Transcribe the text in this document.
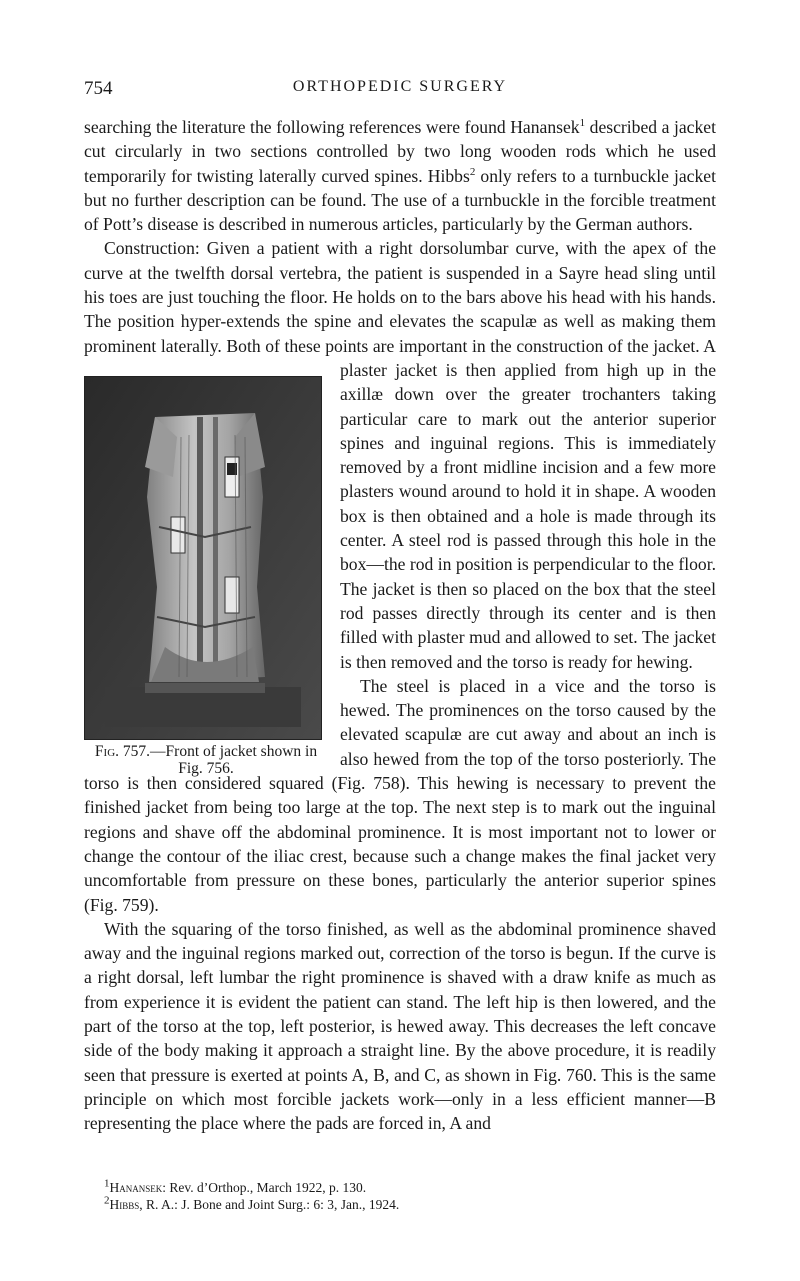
754	ORTHOPEDIC SURGERY

searching the literature the following references were found Hanansek$^1$ described a jacket cut circularly in two sections controlled by two long wooden rods which he used temporarily for twisting laterally curved spines. Hibbs$^2$ only refers to a turnbuckle jacket but no further description can be found. The use of a turnbuckle in the forcible treatment of Pott’s disease is described in numerous articles, particularly by the German authors.

Construction: Given a patient with a right dorsolumbar curve, with the apex of the curve at the twelfth dorsal vertebra, the patient is suspended in a Sayre head sling until his toes are just touching the floor. He holds on to the bars above his head with his hands. The position hyper-extends the spine and elevates the scapulæ as well as making them prominent laterally. Both of these points are important in the construction of the jacket. A plaster jacket is then applied from high up in the axillæ down over the greater trochanters taking particular care to mark out the anterior superior spines and inguinal regions. This is immediately removed by a front midline incision and a few more plasters wound around to hold it in shape. A wooden box is then obtained and a hole is made through its center. A steel rod is passed through this hole in the box—the rod in position is perpendicular to the floor. The jacket is then so placed on the box that the steel rod passes directly through its center and is then filled with plaster mud and allowed to set. The jacket is then removed and the torso is ready for hewing.

The steel is placed in a vice and the torso is hewed. The prominences on the torso caused by the elevated scapulæ are cut away and about an inch is also hewed from the top of the torso posteriorly. The torso is then considered squared (Fig. 758). This hewing is necessary to prevent the finished jacket from being too large at the top. The next step is to mark out the inguinal regions and shave off the abdominal prominence. It is most important not to lower or change the contour of the iliac crest, because such a change makes the final jacket very uncomfortable from pressure on these bones, particularly the anterior superior spines (Fig. 759).

With the squaring of the torso finished, as well as the abdominal prominence shaved away and the inguinal regions marked out, correction of the torso is begun. If the curve is a right dorsal, left lumbar the right prominence is shaved with a draw knife as much as from experience it is evident the patient can stand. The left hip is then lowered, and the part of the torso at the top, left posterior, is hewed away. This decreases the left concave side of the body making it approach a straight line. By the above procedure, it is readily seen that pressure is exerted at points A, B, and C, as shown in Fig. 760. This is the same principle on which most forcible jackets work—only in a less efficient manner—B representing the place where the pads are forced in, A and

$^1$Hanansek: Rev. d’Orthop., March 1922, p. 130.

$^2$Hibbs, R. A.: J. Bone and Joint Surg.: 6: 3, Jan., 1924.

Fig. 757.—Front of jacket shown in Fig. 756.
